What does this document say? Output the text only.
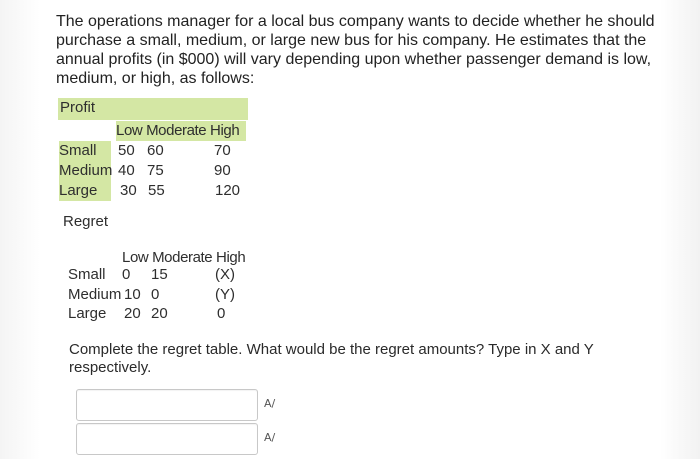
The operations manager for a local bus company wants to decide whether he should purchase a small, medium, or large new bus for his company. He estimates that the annual profits (in $000) will vary depending upon whether passenger demand is low, medium, or high, as follows:
Profit
Low Moderate High
Small	50 60	70
Medium 40 75	90
Large	30 55	120
Regret
Low Moderate High
Small 0 15	(X)
Medium 10 0	(Y)
Large 20 20	0
Complete the regret table. What would be the regret amounts? Type in X and Y respectively.
A/
A/
